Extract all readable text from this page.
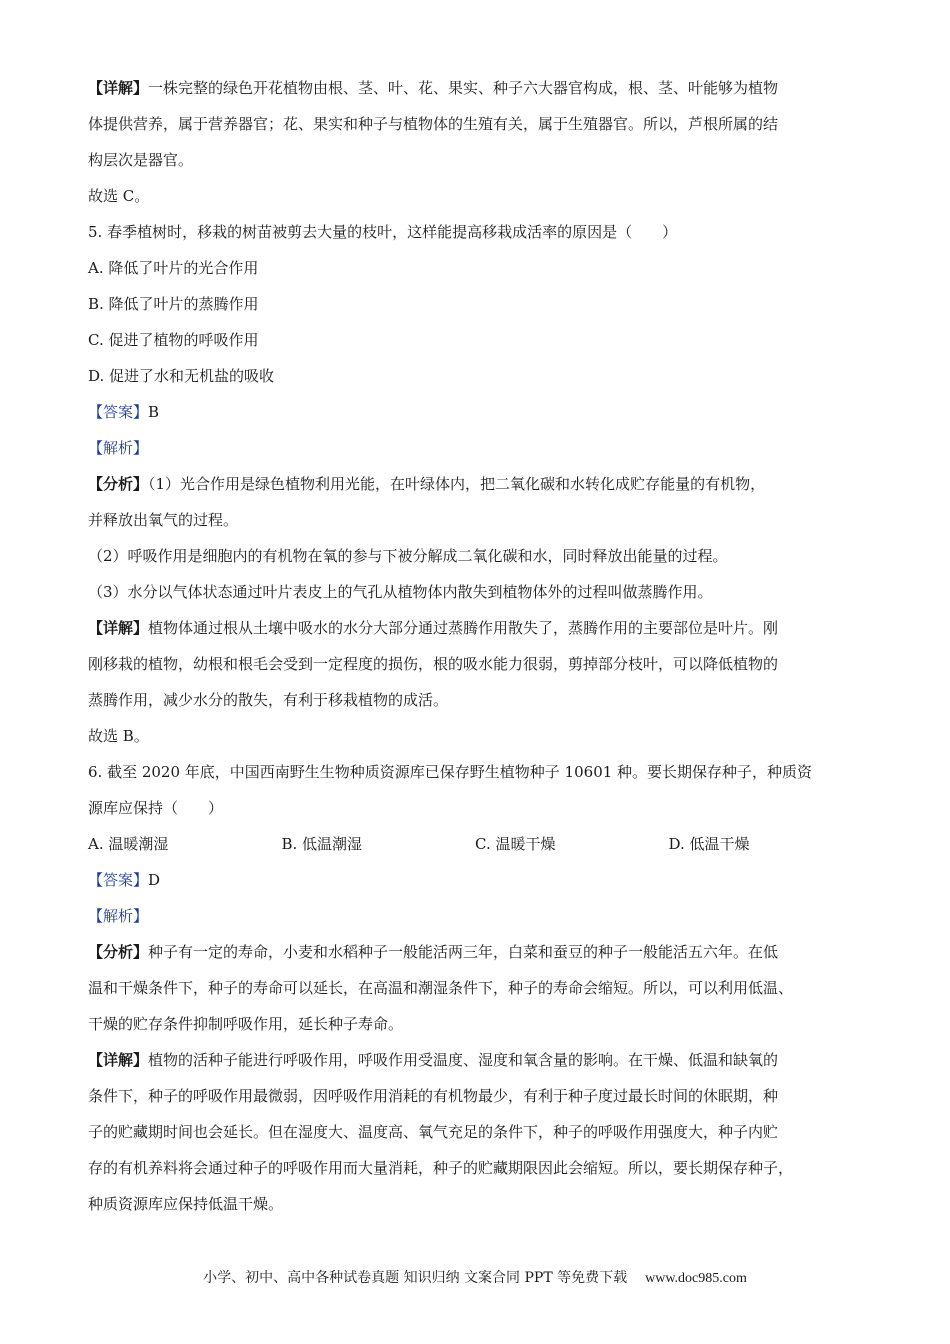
【详解】一株完整的绿色开花植物由根、茎、叶、花、果实、种子六大器官构成，根、茎、叶能够为植物
体提供营养，属于营养器官；花、果实和种子与植物体的生殖有关，属于生殖器官。所以，芦根所属的结
构层次是器官。
故选 C。
5. 春季植树时，移栽的树苗被剪去大量的枝叶，这样能提高移栽成活率的原因是（　　）
A. 降低了叶片的光合作用
B. 降低了叶片的蒸腾作用
C. 促进了植物的呼吸作用
D. 促进了水和无机盐的吸收
【答案】B
【解析】
【分析】（1）光合作用是绿色植物利用光能，在叶绿体内，把二氧化碳和水转化成贮存能量的有机物，
并释放出氧气的过程。
（2）呼吸作用是细胞内的有机物在氧的参与下被分解成二氧化碳和水，同时释放出能量的过程。
（3）水分以气体状态通过叶片表皮上的气孔从植物体内散失到植物体外的过程叫做蒸腾作用。
【详解】植物体通过根从土壤中吸水的水分大部分通过蒸腾作用散失了，蒸腾作用的主要部位是叶片。刚
刚移栽的植物，幼根和根毛会受到一定程度的损伤，根的吸水能力很弱，剪掉部分枝叶，可以降低植物的
蒸腾作用，减少水分的散失，有利于移栽植物的成活。
故选 B。
6. 截至 2020 年底，中国西南野生生物种质资源库已保存野生植物种子 10601 种。要长期保存种子，种质资
源库应保持（　　）
A. 温暖潮湿	B. 低温潮湿	C. 温暖干燥	D. 低温干燥
【答案】D
【解析】
【分析】种子有一定的寿命，小麦和水稻种子一般能活两三年，白菜和蚕豆的种子一般能活五六年。在低
温和干燥条件下，种子的寿命可以延长，在高温和潮湿条件下，种子的寿命会缩短。所以，可以利用低温、
干燥的贮存条件抑制呼吸作用，延长种子寿命。
【详解】植物的活种子能进行呼吸作用，呼吸作用受温度、湿度和氧含量的影响。在干燥、低温和缺氧的
条件下，种子的呼吸作用最微弱，因呼吸作用消耗的有机物最少，有利于种子度过最长时间的休眠期，种
子的贮藏期时间也会延长。但在湿度大、温度高、氧气充足的条件下，种子的呼吸作用强度大，种子内贮
存的有机养料将会通过种子的呼吸作用而大量消耗，种子的贮藏期限因此会缩短。所以，要长期保存种子，
种质资源库应保持低温干燥。
小学、初中、高中各种试卷真题 知识归纳 文案合同 PPT 等免费下载 www.doc985.com
